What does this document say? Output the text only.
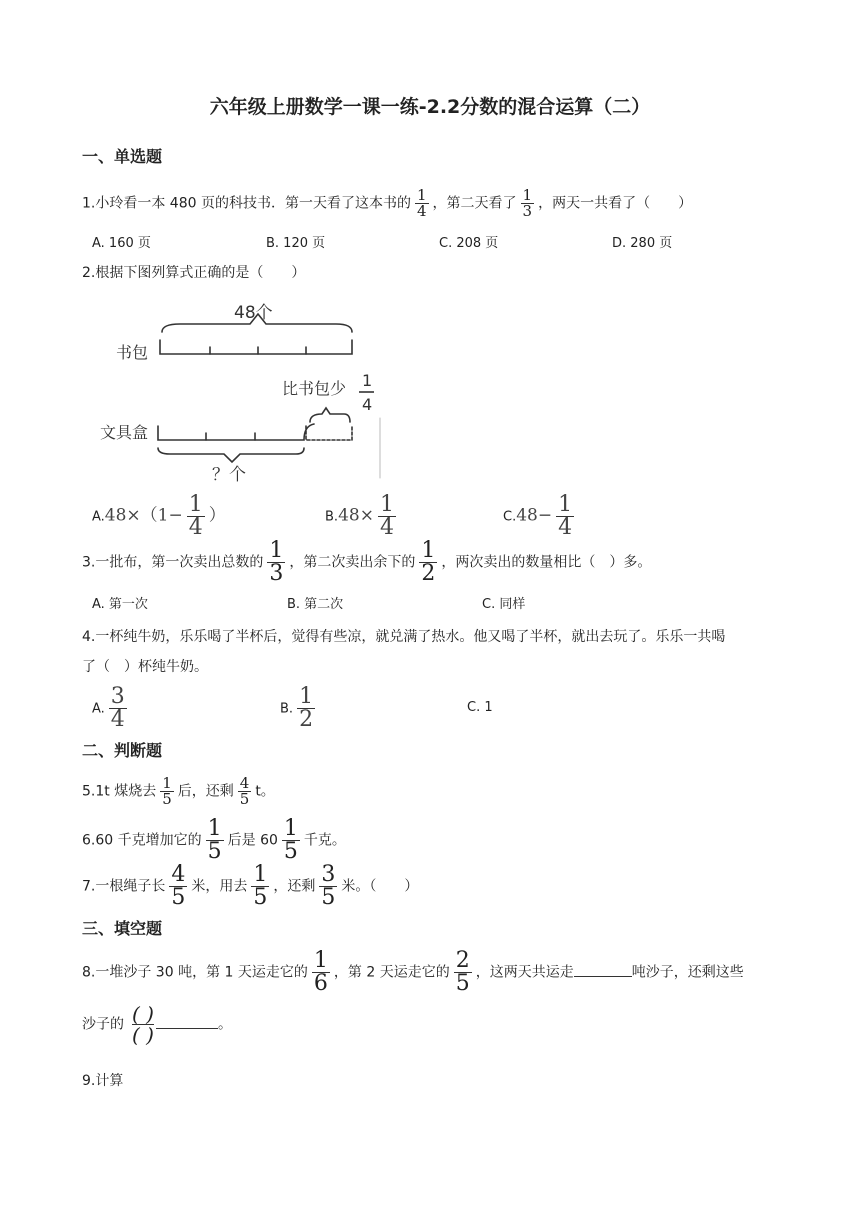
六年级上册数学一课一练-2.2分数的混合运算（二）
一、单选题
1.小玲看一本 480 页的科技书．第一天看了这本书的 $\frac{1}{4}$ ，第二天看了 $\frac{1}{3}$ ，两天一共看了（　　）
A. 160 页	B. 120 页	C. 208 页	D. 280 页
2.根据下图列算式正确的是（　　）
48个
书包
文具盒
比书包少 1
4
？个
$A.48\times(1- \frac{1}{4}$ ）	$B.48\times \frac{1}{4}$	$C.48- \frac{1}{4}$
3.一批布，第一次卖出总数的 $\frac{1}{3}$ ，第二次卖出余下的 $\frac{1}{2}$ ，两次卖出的数量相比（　）多。
A. 第一次	B. 第二次	C. 同样
4.一杯纯牛奶，乐乐喝了半杯后，觉得有些凉，就兑满了热水。他又喝了半杯，就出去玩了。乐乐一共喝
了（　）杯纯牛奶。
A. $\frac{3}{4}$	B. $\frac{1}{2}$	C. 1
二、判断题
5.1t 煤烧去 $\frac{1}{5}$ 后，还剩 $\frac{4}{5}$ t。
6.60 千克增加它的 $\frac{1}{5}$ 后是 $60 \frac{1}{5}$ 千克。
7.一根绳子长 $\frac{4}{5}$ 米，用去 $\frac{1}{5}$ ，还剩 $\frac{3}{5}$ 米。（　　）
三、填空题
8.一堆沙子 30 吨，第 1 天运走它的 $\frac{1}{6}$ ，第 2 天运走它的 $\frac{2}{5}$ ，这两天共运走	吨沙子，还剩这些
沙子的 $\frac{( )}{( )}$	。
9.计算
